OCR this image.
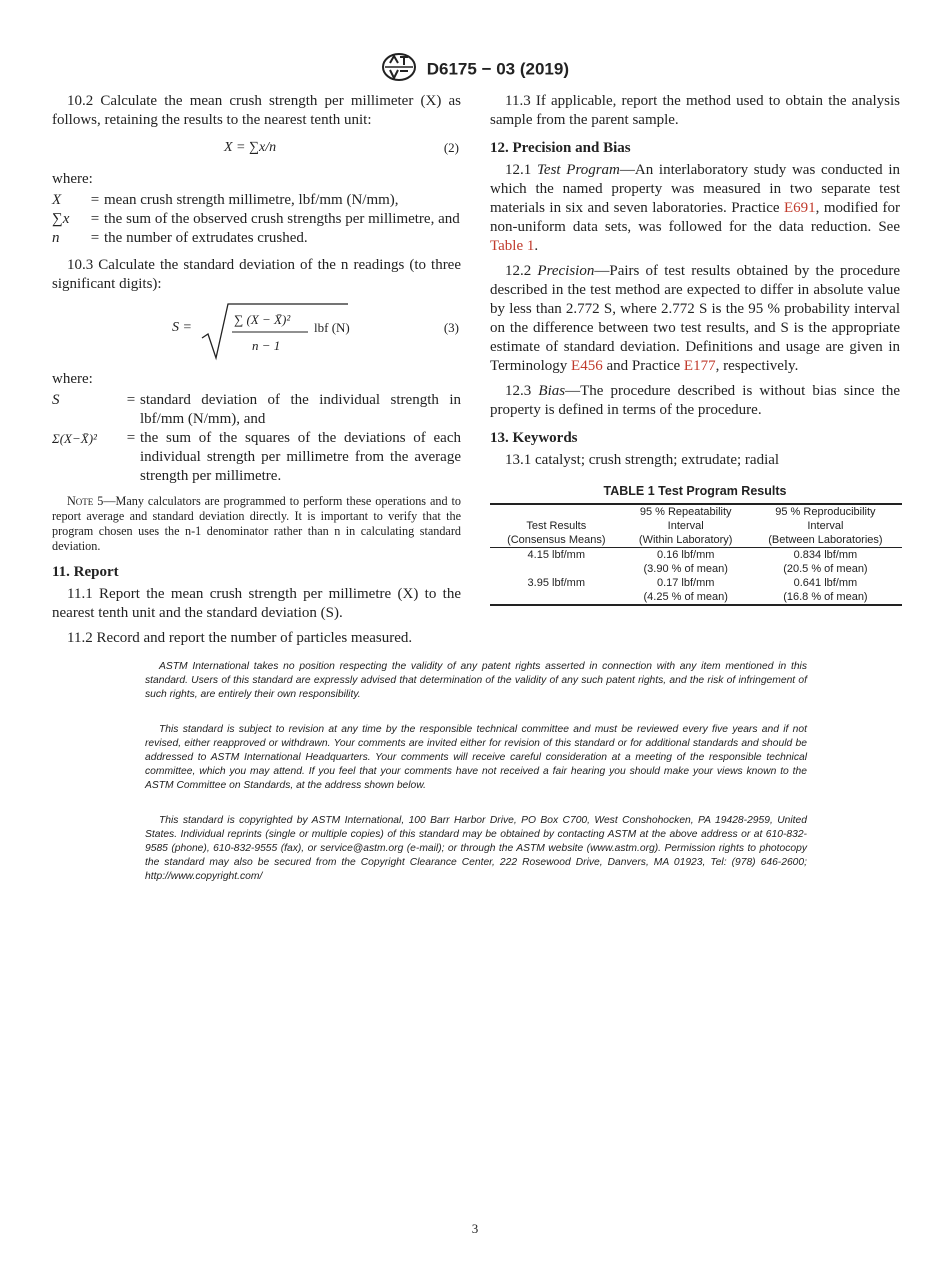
D6175 − 03 (2019)

10.2 Calculate the mean crush strength per millimeter (X) as follows, retaining the results to the nearest tenth unit:

X = ∑x/n	(2)

where:

X	= mean crush strength millimetre, lbf/mm (N/mm),
∑x	= the sum of the observed crush strengths per millimetre, and
n	= the number of extrudates crushed.

10.3 Calculate the standard deviation of the n readings (to three significant digits):

S =
∑ (X − X̄)²
n − 1
lbf (N)	(3)

where:

S	= standard deviation of the individual strength in lbf/mm (N/mm), and
Σ(X−X̄)²	= the sum of the squares of the deviations of each individual strength per millimetre from the average strength per millimetre.

Note 5—Many calculators are programmed to perform these operations and to report average and standard deviation directly. It is important to verify that the program chosen uses the n-1 denominator rather than n in calculating standard deviation.

11. Report

11.1 Report the mean crush strength per millimetre (X) to the nearest tenth unit and the standard deviation (S).

11.2 Record and report the number of particles measured.

11.3 If applicable, report the method used to obtain the analysis sample from the parent sample.

12. Precision and Bias

12.1 Test Program—An interlaboratory study was conducted in which the named property was measured in two separate test materials in six and seven laboratories. Practice E691, modified for non-uniform data sets, was followed for the data reduction. See Table 1.

12.2 Precision—Pairs of test results obtained by the procedure described in the test method are expected to differ in absolute value by less than 2.772 S, where 2.772 S is the 95 % probability interval on the difference between two test results, and S is the appropriate estimate of standard deviation. Definitions and usage are given in Terminology E456 and Practice E177, respectively.

12.3 Bias—The procedure described is without bias since the property is defined in terms of the procedure.

13. Keywords

13.1 catalyst; crush strength; extrudate; radial

TABLE 1 Test Program Results
	95 % Repeatability	95 % Reproducibility
Test Results	Interval	Interval
(Consensus Means)	(Within Laboratory)	(Between Laboratories)
4.15 lbf/mm	0.16 lbf/mm	0.834 lbf/mm
	(3.90 % of mean)	(20.5 % of mean)
3.95 lbf/mm	0.17 lbf/mm	0.641 lbf/mm
	(4.25 % of mean)	(16.8 % of mean)

ASTM International takes no position respecting the validity of any patent rights asserted in connection with any item mentioned in this standard. Users of this standard are expressly advised that determination of the validity of any such patent rights, and the risk of infringement of such rights, are entirely their own responsibility.

This standard is subject to revision at any time by the responsible technical committee and must be reviewed every five years and if not revised, either reapproved or withdrawn. Your comments are invited either for revision of this standard or for additional standards and should be addressed to ASTM International Headquarters. Your comments will receive careful consideration at a meeting of the responsible technical committee, which you may attend. If you feel that your comments have not received a fair hearing you should make your views known to the ASTM Committee on Standards, at the address shown below.

This standard is copyrighted by ASTM International, 100 Barr Harbor Drive, PO Box C700, West Conshohocken, PA 19428-2959, United States. Individual reprints (single or multiple copies) of this standard may be obtained by contacting ASTM at the above address or at 610-832-9585 (phone), 610-832-9555 (fax), or service@astm.org (e-mail); or through the ASTM website (www.astm.org). Permission rights to photocopy the standard may also be secured from the Copyright Clearance Center, 222 Rosewood Drive, Danvers, MA 01923, Tel: (978) 646-2600; http://www.copyright.com/

3
